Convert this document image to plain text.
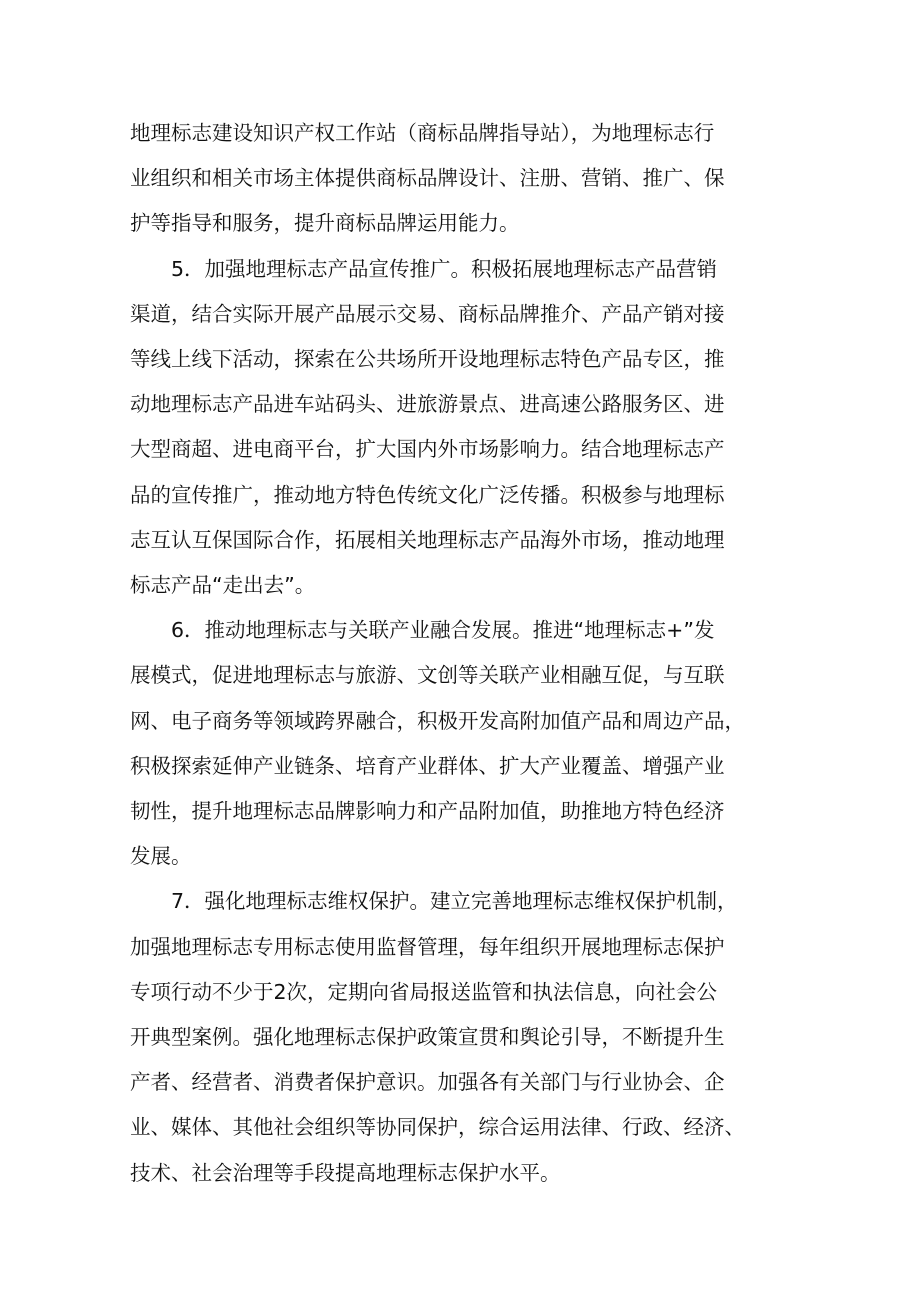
地理标志建设知识产权工作站（商标品牌指导站），为地理标志行
业组织和相关市场主体提供商标品牌设计、注册、营销、推广、保
护等指导和服务，提升商标品牌运用能力。

5．加强地理标志产品宣传推广。积极拓展地理标志产品营销
渠道，结合实际开展产品展示交易、商标品牌推介、产品产销对接
等线上线下活动，探索在公共场所开设地理标志特色产品专区，推
动地理标志产品进车站码头、进旅游景点、进高速公路服务区、进
大型商超、进电商平台，扩大国内外市场影响力。结合地理标志产
品的宣传推广，推动地方特色传统文化广泛传播。积极参与地理标
志互认互保国际合作，拓展相关地理标志产品海外市场，推动地理
标志产品“走出去”。

6．推动地理标志与关联产业融合发展。推进“地理标志+”发
展模式，促进地理标志与旅游、文创等关联产业相融互促，与互联
网、电子商务等领域跨界融合，积极开发高附加值产品和周边产品，
积极探索延伸产业链条、培育产业群体、扩大产业覆盖、增强产业
韧性，提升地理标志品牌影响力和产品附加值，助推地方特色经济
发展。

7．强化地理标志维权保护。建立完善地理标志维权保护机制，
加强地理标志专用标志使用监督管理，每年组织开展地理标志保护
专项行动不少于2次，定期向省局报送监管和执法信息，向社会公
开典型案例。强化地理标志保护政策宣贯和舆论引导，不断提升生
产者、经营者、消费者保护意识。加强各有关部门与行业协会、企
业、媒体、其他社会组织等协同保护，综合运用法律、行政、经济、
技术、社会治理等手段提高地理标志保护水平。
